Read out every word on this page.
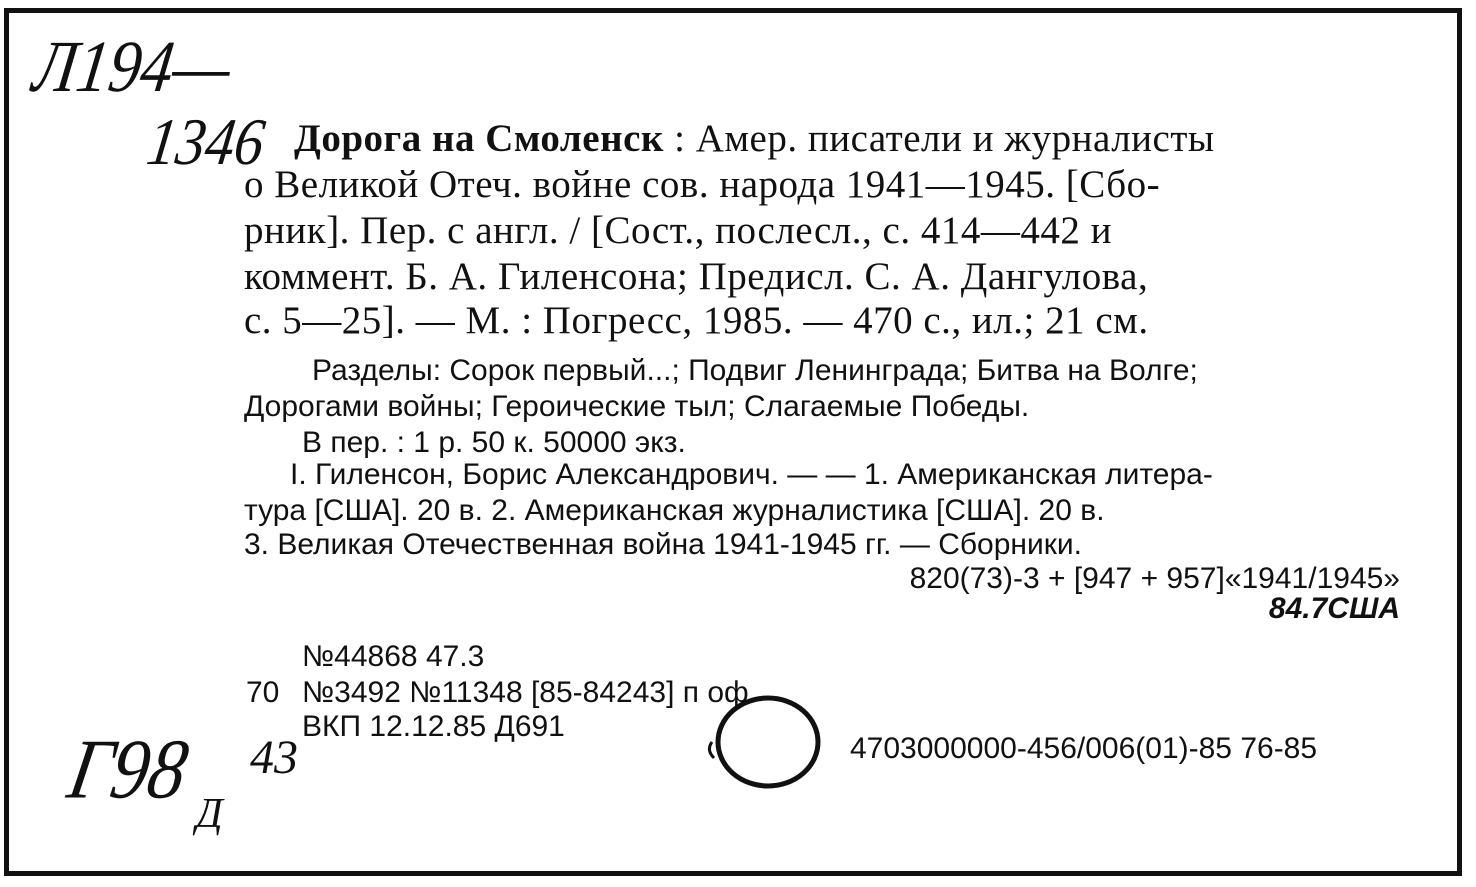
Л194—
1346 Дорога на Смоленск : Амер. писатели и журналисты
о Великой Отеч. войне сов. народа 1941—1945. [Сбо-
рник]. Пер. с англ. / [Сост., послесл., с. 414—442 и
коммент. Б. А. Гиленсона; Предисл. С. А. Дангулова,
с. 5—25]. — М. : Погресс, 1985. — 470 с., ил.; 21 см.
Разделы: Сорок первый...; Подвиг Ленинграда; Битва на Волге;
Дорогами войны; Героические тыл; Слагаемые Победы.
В пер. : 1 р. 50 к. 50000 экз.
I. Гиленсон, Борис Александрович. — — 1. Американская литера-
тура [США]. 20 в. 2. Американская журналистика [США]. 20 в.
3. Великая Отечественная война 1941-1945 гг. — Сборники.
820(73)-3 + [947 + 957]«1941/1945»
84.7США
№44868 47.3
70 №3492 №11348 [85-84243] п оф
ВКП 12.12.85 Д691
4703000000-456/006(01)-85 76-85
Г98 Д
43
